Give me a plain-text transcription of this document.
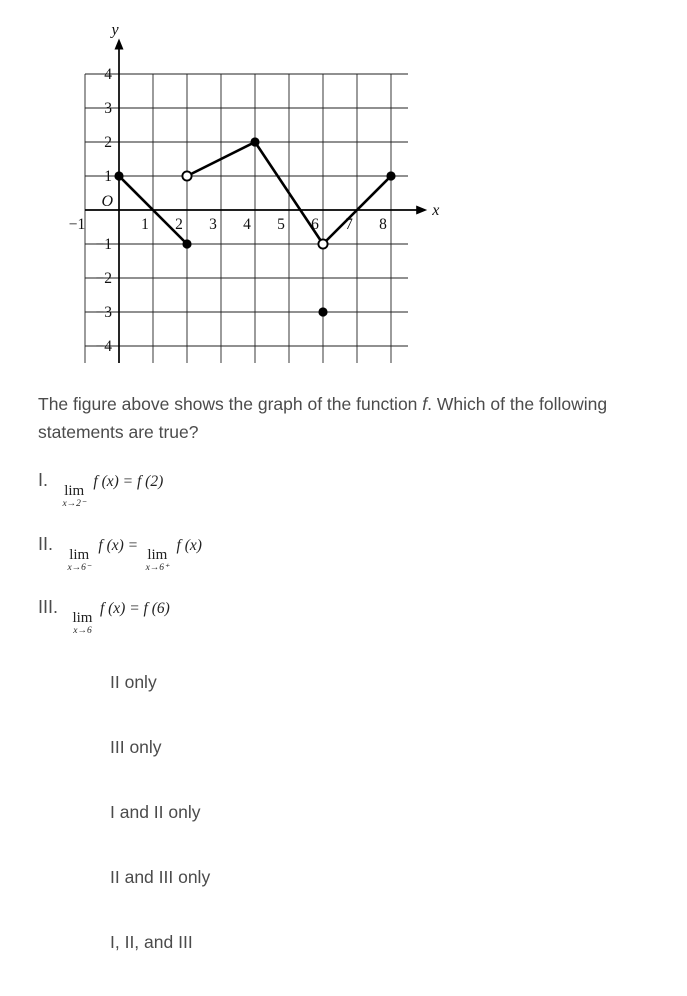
−1	1 2 3 4 5 6 7 8
4
3
2
1
−1
−2
−3
−4
y
x
O
The figure above shows the graph of the function f. Which of the following statements are true?
I.
lim
x→2⁻
f (x) = f (2)
II.
lim
x→6⁻
f (x) =
lim
x→6⁺
f (x)
III.
lim
x→6
f (x) = f (6)
II only
III only
I and II only
II and III only
I, II, and III
